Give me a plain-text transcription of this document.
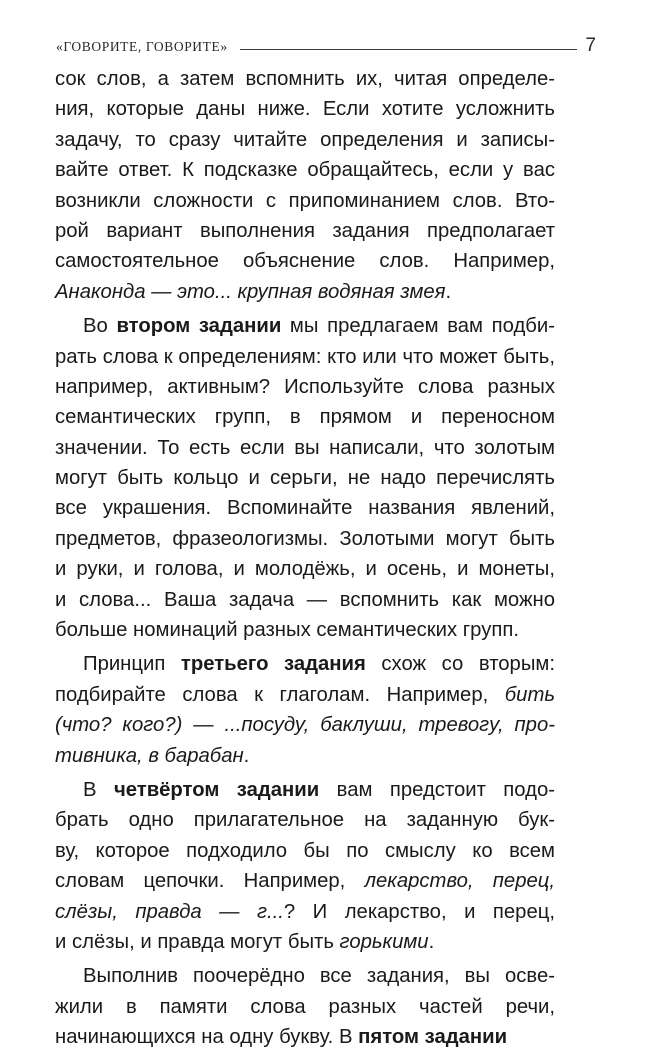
«ГОВОРИТЕ, ГОВОРИТЕ»	7
сок слов, а затем вспомнить их, читая определе-
ния, которые даны ниже. Если хотите усложнить
задачу, то сразу читайте определения и записы-
вайте ответ. К подсказке обращайтесь, если у вас
возникли сложности с припоминанием слов. Вто-
рой вариант выполнения задания предполагает
самостоятельное объяснение слов. Например,
Анаконда — это... крупная водяная змея.
Во втором задании мы предлагаем вам подби-
рать слова к определениям: кто или что может быть,
например, активным? Используйте слова разных
семантических групп, в прямом и переносном
значении. То есть если вы написали, что золотым
могут быть кольцо и серьги, не надо перечислять
все украшения. Вспоминайте названия явлений,
предметов, фразеологизмы. Золотыми могут быть
и руки, и голова, и молодёжь, и осень, и монеты,
и слова... Ваша задача — вспомнить как можно
больше номинаций разных семантических групп.
Принцип третьего задания схож со вторым:
подбирайте слова к глаголам. Например, бить
(что? кого?) — ...посуду, баклуши, тревогу, про-
тивника, в барабан.
В четвёртом задании вам предстоит подо-
брать одно прилагательное на заданную бук-
ву, которое подходило бы по смыслу ко всем
словам цепочки. Например, лекарство, перец,
слёзы, правда — г...? И лекарство, и перец,
и слёзы, и правда могут быть горькими.
Выполнив поочерёдно все задания, вы осве-
жили в памяти слова разных частей речи,
начинающихся на одну букву. В пятом задании
